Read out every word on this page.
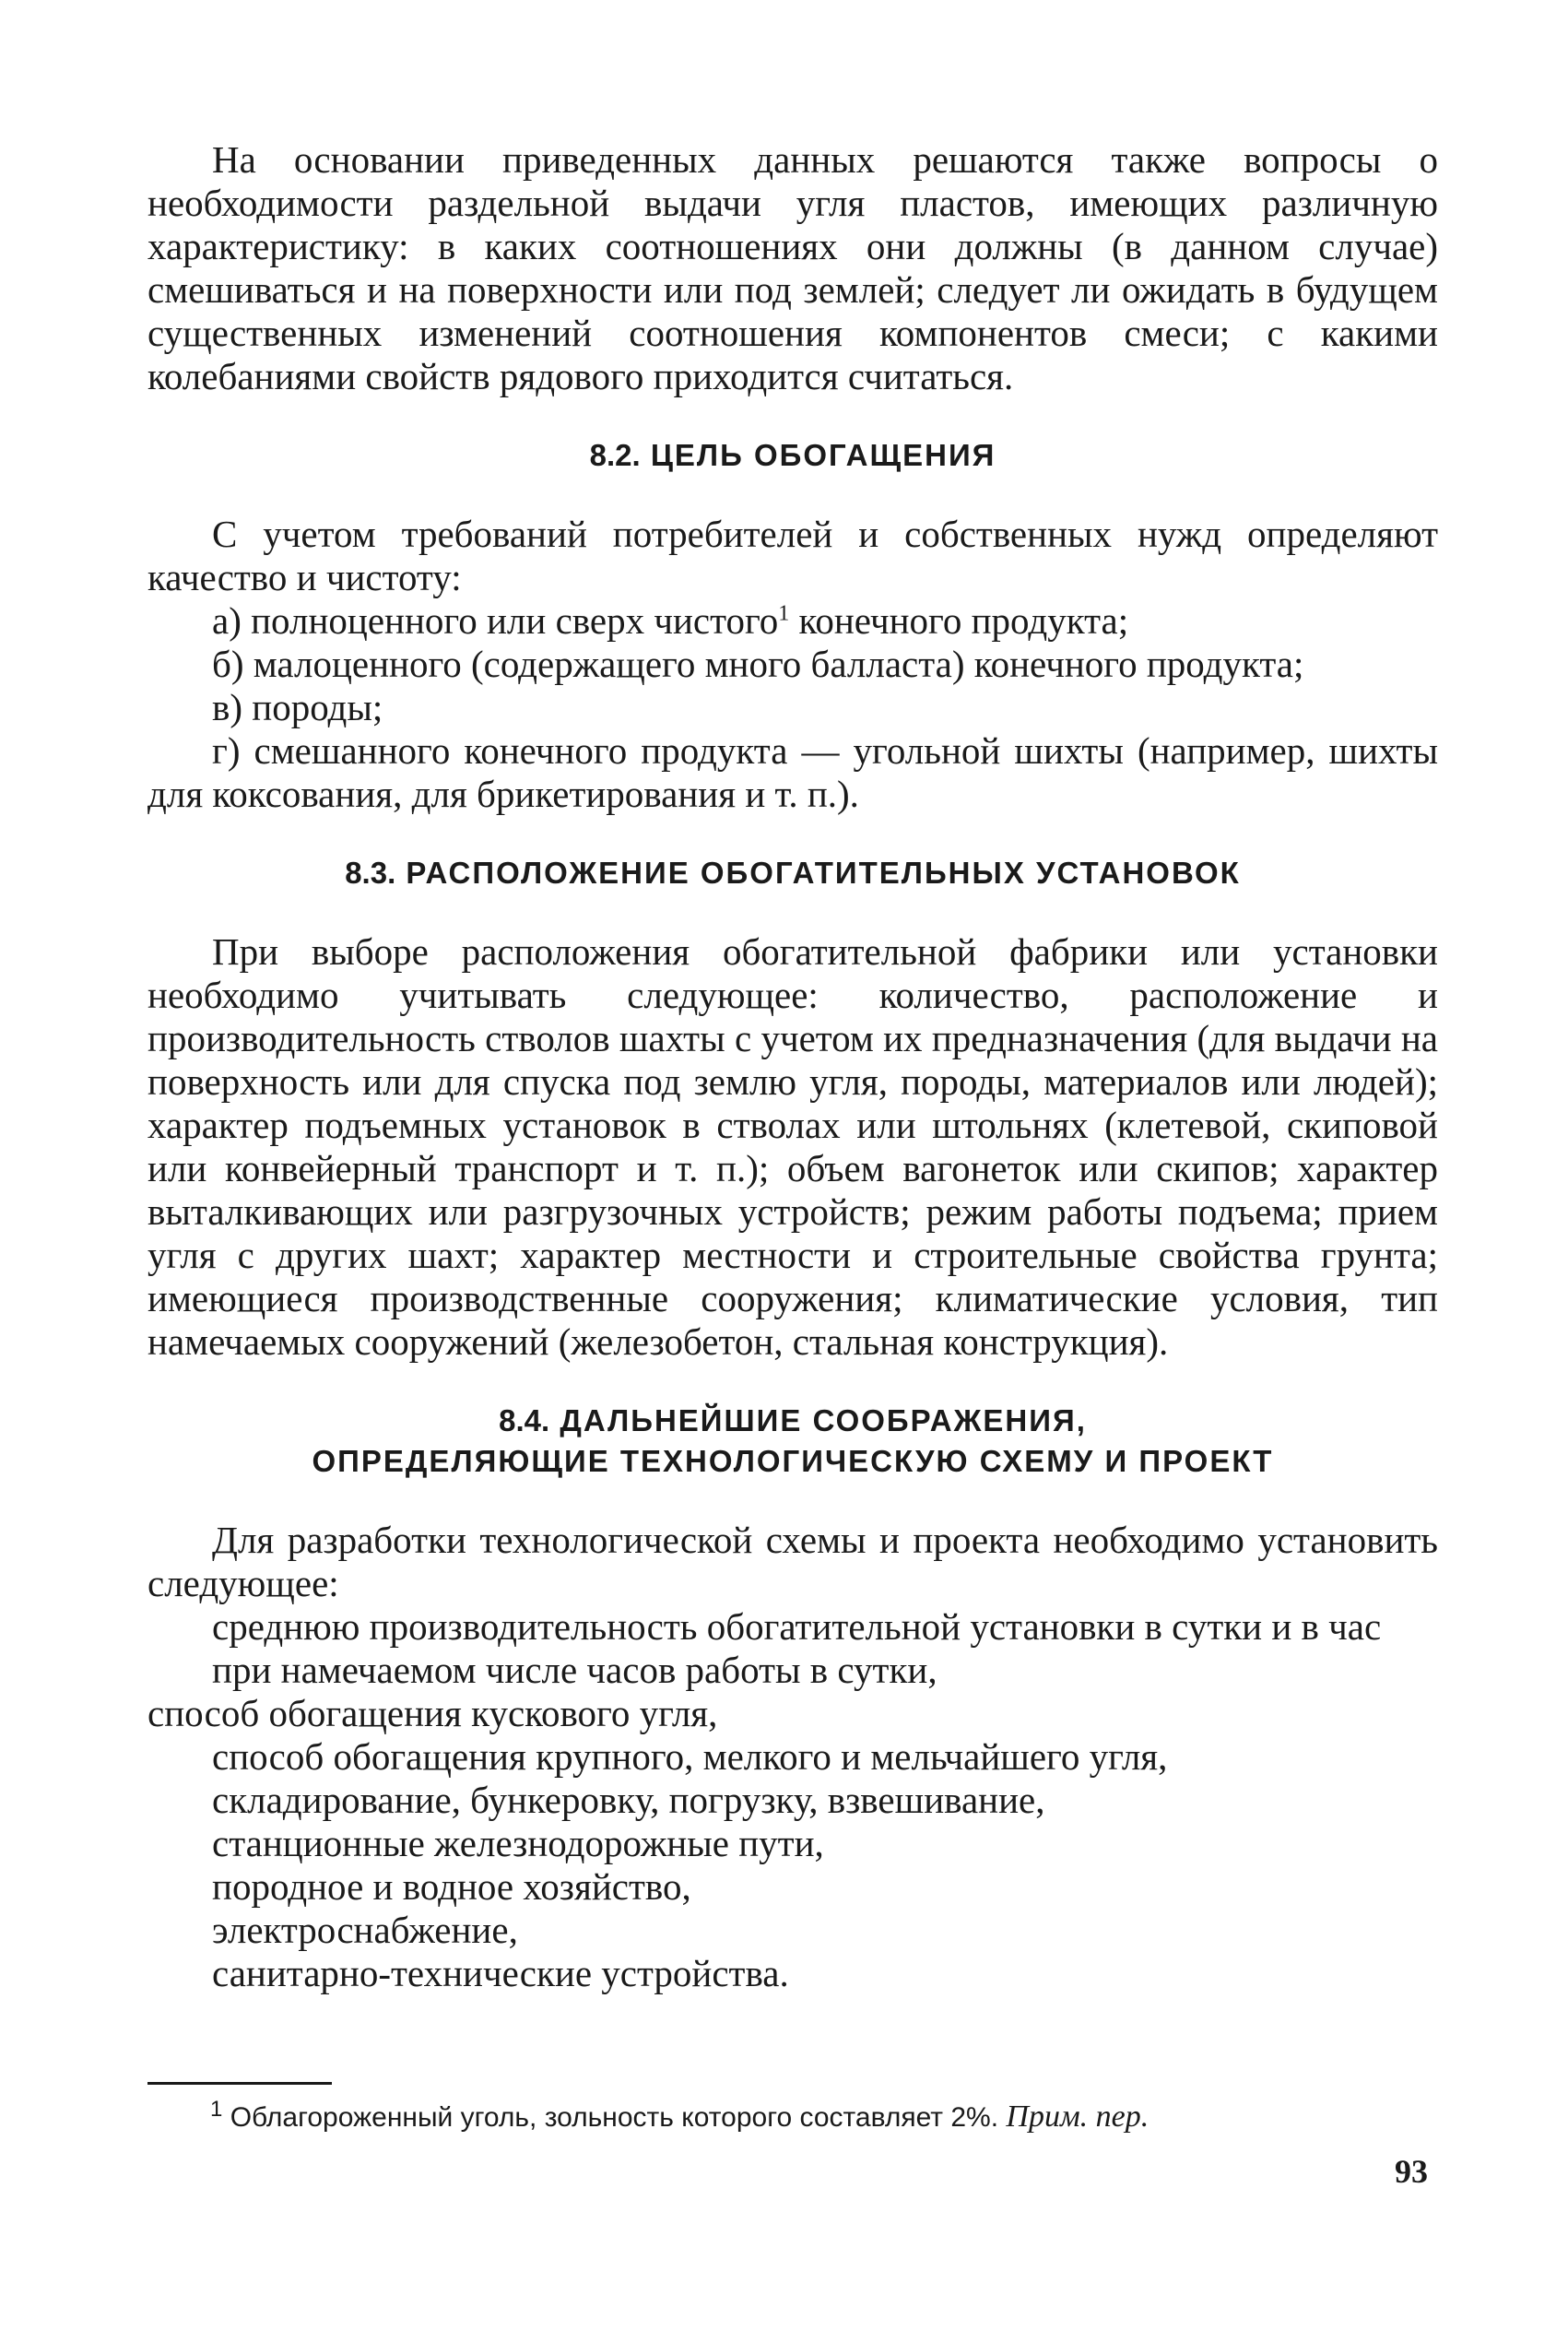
На основании приведенных данных решаются также вопросы о необходимости раздельной выдачи угля пластов, имеющих различную характеристику: в каких соотношениях они должны (в данном случае) смешиваться и на поверхности или под землей; следует ли ожидать в будущем существенных изменений соотношения компонентов смеси; с какими колебаниями свойств рядового приходится считаться.

8.2. ЦЕЛЬ ОБОГАЩЕНИЯ

С учетом требований потребителей и собственных нужд определяют качество и чистоту:

а) полноценного или сверх чистого$^1$ конечного продукта;

б) малоценного (содержащего много балласта) конечного продукта;

в) породы;

г) смешанного конечного продукта — угольной шихты (например, шихты для коксования, для брикетирования и т. п.).

8.3. РАСПОЛОЖЕНИЕ ОБОГАТИТЕЛЬНЫХ УСТАНОВОК

При выборе расположения обогатительной фабрики или установки необходимо учитывать следующее: количество, расположение и производительность стволов шахты с учетом их предназначения (для выдачи на поверхность или для спуска под землю угля, породы, материалов или людей); характер подъемных установок в стволах или штольнях (клетевой, скиповой или конвейерный транспорт и т. п.); объем вагонеток или скипов; характер выталкивающих или разгрузочных устройств; режим работы подъема; прием угля с других шахт; характер местности и строительные свойства грунта; имеющиеся производственные сооружения; климатические условия, тип намечаемых сооружений (железобетон, стальная конструкция).

8.4. ДАЛЬНЕЙШИЕ СООБРАЖЕНИЯ,
ОПРЕДЕЛЯЮЩИЕ ТЕХНОЛОГИЧЕСКУЮ СХЕМУ И ПРОЕКТ

Для разработки технологической схемы и проекта необходимо установить следующее:

среднюю производительность обогатительной установки в сутки и в час при намечаемом числе часов работы в сутки,

способ обогащения кускового угля,

способ обогащения крупного, мелкого и мельчайшего угля,

складирование, бункеровку, погрузку, взвешивание,

станционные железнодорожные пути,

породное и водное хозяйство,

электроснабжение,

санитарно-технические устройства.

$^1$ Облагороженный уголь, зольность которого составляет 2%. Прим. пер.
93
